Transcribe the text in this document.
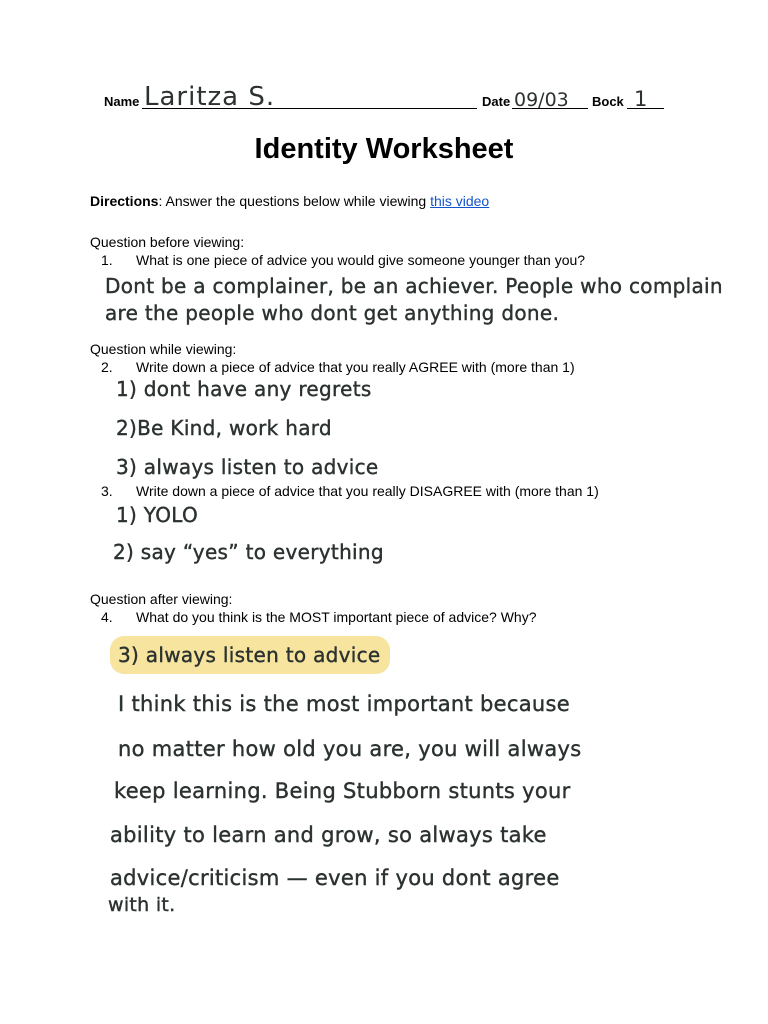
Name Laritza S.	Date 09/03 Bock 1
Identity Worksheet
Directions: Answer the questions below while viewing this video
Question before viewing:
1. What is one piece of advice you would give someone younger than you?
Dont be a complainer, be an achiever. People who complain
are the people who dont get anything done.
Question while viewing:
2. Write down a piece of advice that you really AGREE with (more than 1)
1) dont have any regrets
2)Be Kind, work hard
3) always listen to advice
3. Write down a piece of advice that you really DISAGREE with (more than 1)
1) YOLO
2) say “yes” to everything
Question after viewing:
4. What do you think is the MOST important piece of advice? Why?
3) always listen to advice
I think this is the most important because
no matter how old you are, you will always
keep learning. Being Stubborn stunts your
ability to learn and grow, so always take
advice/criticism — even if you dont agree
with it.
